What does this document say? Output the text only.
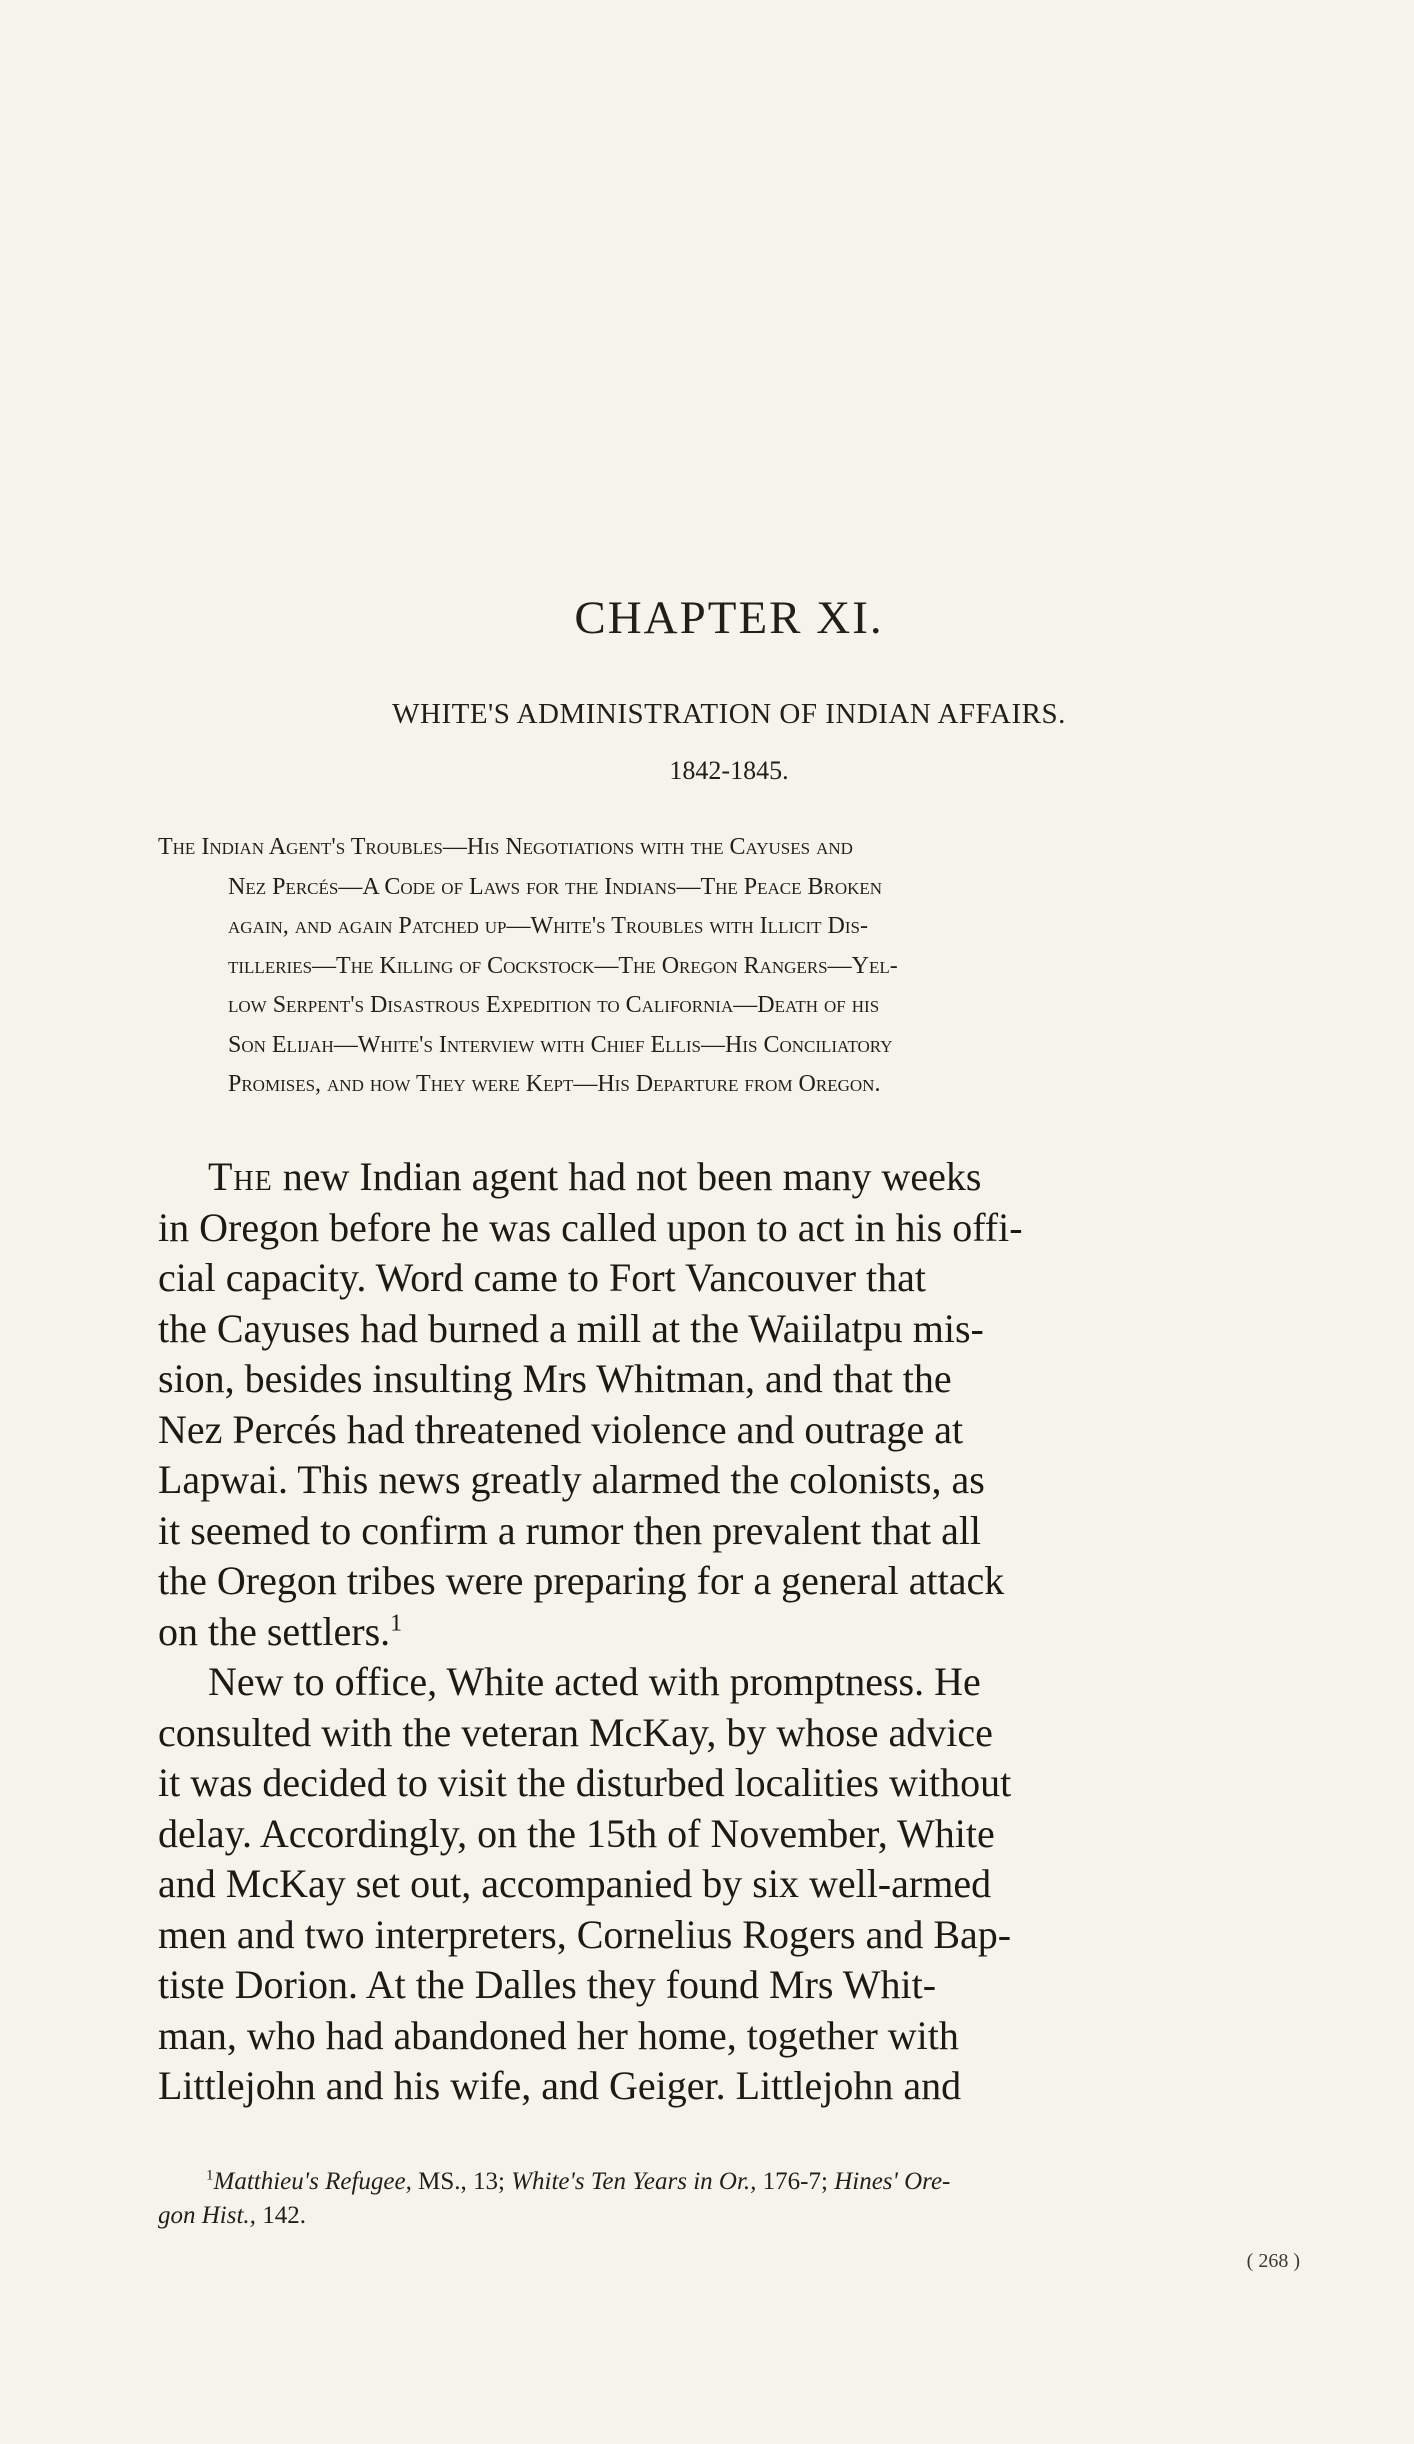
CHAPTER XI.
WHITE'S ADMINISTRATION OF INDIAN AFFAIRS.
1842-1845.
The Indian Agent's Troubles—His Negotiations with the Cayuses and
Nez Percés—A Code of Laws for the Indians—The Peace Broken
again, and again Patched up—White's Troubles with Illicit Dis-
tilleries—The Killing of Cockstock—The Oregon Rangers—Yel-
low Serpent's Disastrous Expedition to California—Death of his
Son Elijah—White's Interview with Chief Ellis—His Conciliatory
Promises, and how They were Kept—His Departure from Oregon.
The new Indian agent had not been many weeks
in Oregon before he was called upon to act in his offi-
cial capacity. Word came to Fort Vancouver that
the Cayuses had burned a mill at the Waiilatpu mis-
sion, besides insulting Mrs Whitman, and that the
Nez Percés had threatened violence and outrage at
Lapwai. This news greatly alarmed the colonists, as
it seemed to confirm a rumor then prevalent that all
the Oregon tribes were preparing for a general attack
on the settlers.$^1$
New to office, White acted with promptness. He
consulted with the veteran McKay, by whose advice
it was decided to visit the disturbed localities without
delay. Accordingly, on the 15th of November, White
and McKay set out, accompanied by six well-armed
men and two interpreters, Cornelius Rogers and Bap-
tiste Dorion. At the Dalles they found Mrs Whit-
man, who had abandoned her home, together with
Littlejohn and his wife, and Geiger. Littlejohn and
$^1$Matthieu's Refugee, MS., 13; White's Ten Years in Or., 176-7; Hines' Ore-
gon Hist., 142.
( 268 )
